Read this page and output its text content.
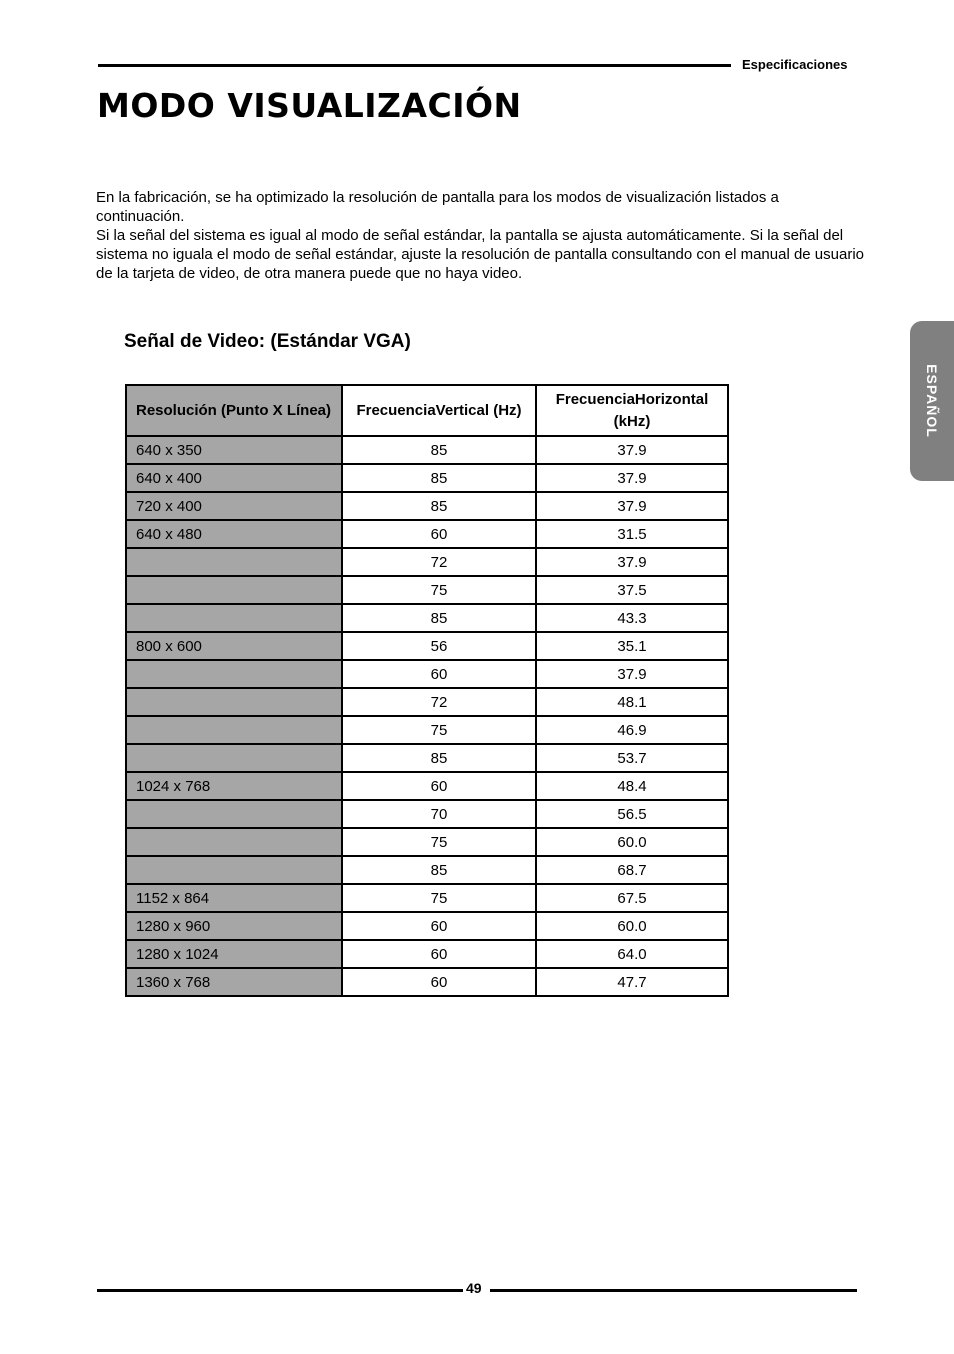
Especificaciones
MODO VISUALIZACIÓN

En la fabricación, se ha optimizado la resolución de pantalla para los modos de visualización listados a continuación.

Si la señal del sistema es igual al modo de señal estándar, la pantalla se ajusta automáticamente. Si la señal del sistema no iguala el modo de señal estándar, ajuste la resolución de pantalla consultando con el manual de usuario de la tarjeta de video, de otra manera puede que no haya video.

Señal de Video: (Estándar VGA)
ESPAÑOL
Resolución (Punto X Línea)	FrecuenciaVertical (Hz)	FrecuenciaHorizontal (kHz)
640 x 350	85	37.9
640 x 400	85	37.9
720 x 400	85	37.9
640 x 480	60	31.5
	72	37.9
	75	37.5
	85	43.3
800 x 600	56	35.1
	60	37.9
	72	48.1
	75	46.9
	85	53.7
1024 x 768	60	48.4
	70	56.5
	75	60.0
	85	68.7
1152 x 864	75	67.5
1280 x 960	60	60.0
1280 x 1024	60	64.0
1360 x 768	60	47.7
49
